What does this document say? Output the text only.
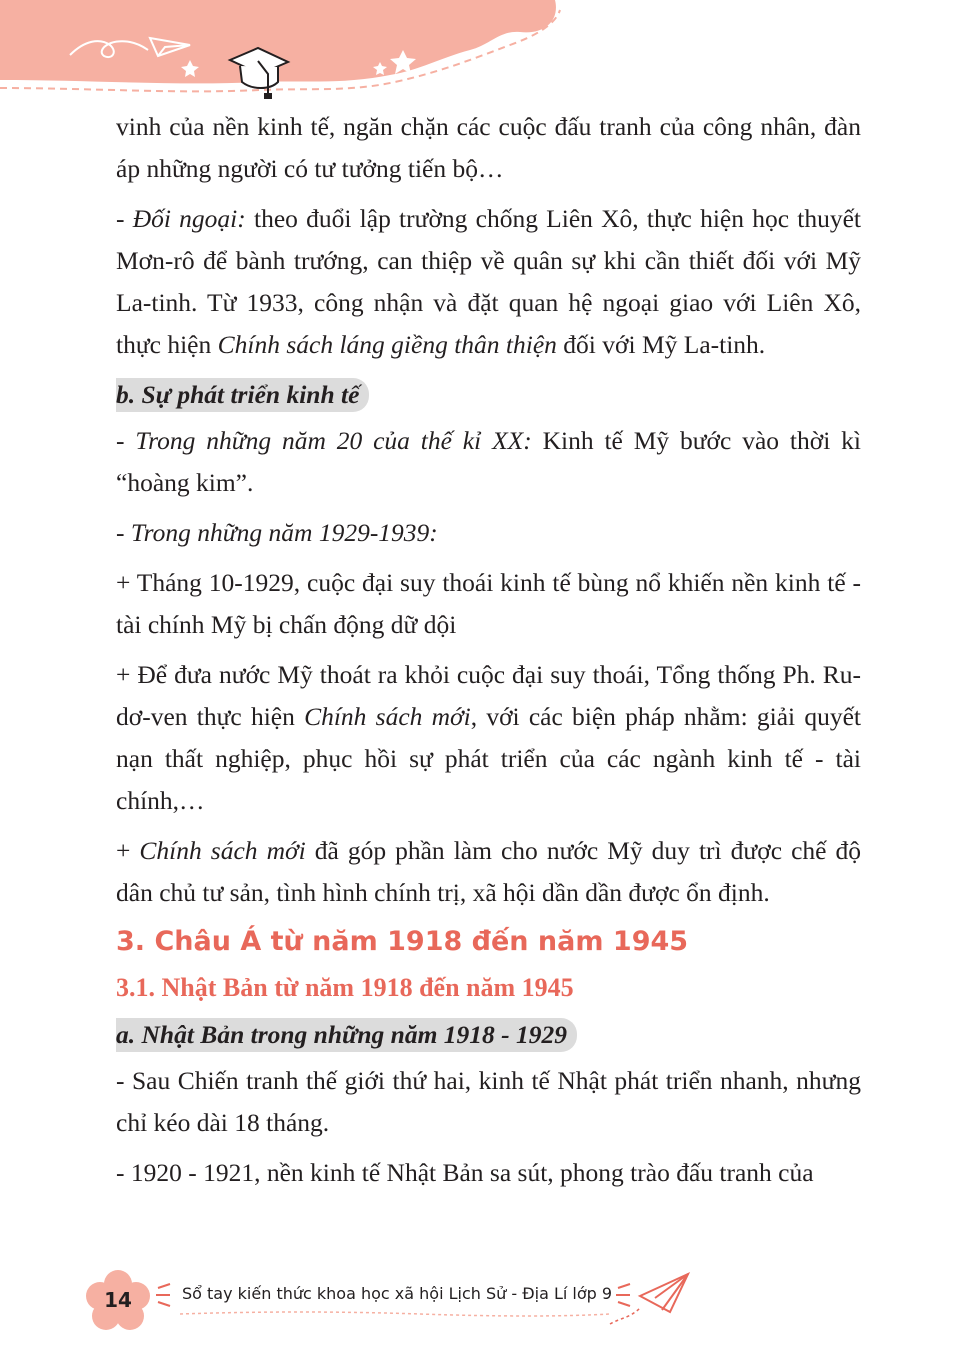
vinh của nền kinh tế, ngăn chặn các cuộc đấu tranh của công nhân, đàn áp những người có tư tưởng tiến bộ…

- Đối ngoại: theo đuổi lập trường chống Liên Xô, thực hiện học thuyết Mơn-rô để bành trướng, can thiệp về quân sự khi cần thiết đối với Mỹ La-tinh. Từ 1933, công nhận và đặt quan hệ ngoại giao với Liên Xô, thực hiện Chính sách láng giềng thân thiện đối với Mỹ La-tinh.

b. Sự phát triển kinh tế

- Trong những năm 20 của thế kỉ XX: Kinh tế Mỹ bước vào thời kì “hoàng kim”.

- Trong những năm 1929-1939:

+ Tháng 10-1929, cuộc đại suy thoái kinh tế bùng nổ khiến nền kinh tế - tài chính Mỹ bị chấn động dữ dội

+ Để đưa nước Mỹ thoát ra khỏi cuộc đại suy thoái, Tổng thống Ph. Ru-dơ-ven thực hiện Chính sách mới, với các biện pháp nhằm: giải quyết nạn thất nghiệp, phục hồi sự phát triển của các ngành kinh tế - tài chính,…

+ Chính sách mới đã góp phần làm cho nước Mỹ duy trì được chế độ dân chủ tư sản, tình hình chính trị, xã hội dần dần được ổn định.

3. Châu Á từ năm 1918 đến năm 1945
3.1. Nhật Bản từ năm 1918 đến năm 1945
a. Nhật Bản trong những năm 1918 - 1929

- Sau Chiến tranh thế giới thứ hai, kinh tế Nhật phát triển nhanh, nhưng chỉ kéo dài 18 tháng.

- 1920 - 1921, nền kinh tế Nhật Bản sa sút, phong trào đấu tranh của

14	Sổ tay kiến thức khoa học xã hội Lịch Sử - Địa Lí lớp 9
